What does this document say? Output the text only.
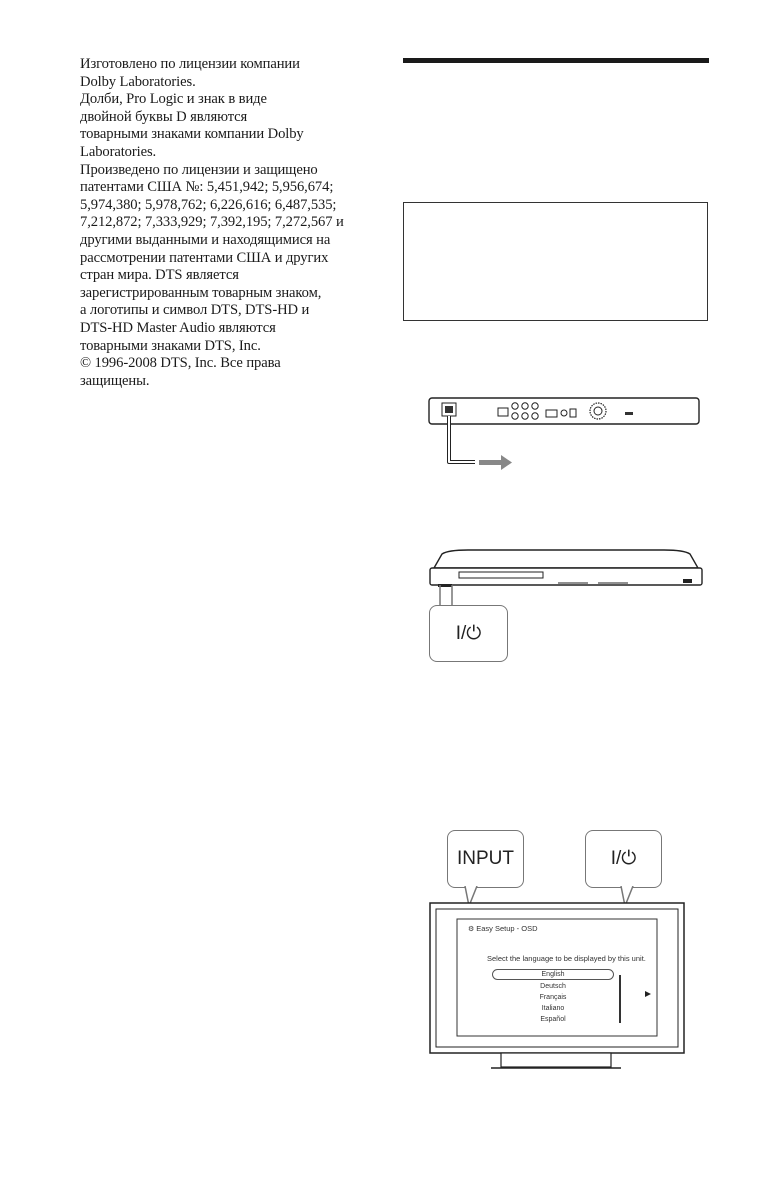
Изготовлено по лицензии компании
Dolby Laboratories.
Долби, Pro Logic и знак в виде
двойной буквы D являются
товарными знаками компании Dolby
Laboratories.
Произведено по лицензии и защищено
патентами США №: 5,451,942; 5,956,674;
5,974,380; 5,978,762; 6,226,616; 6,487,535;
7,212,872; 7,333,929; 7,392,195; 7,272,567 и
другими выданными и находящимися на
рассмотрении патентами США и других
стран мира. DTS является
зарегистрированным товарным знаком,
а логотипы и символ DTS, DTS-HD и
DTS-HD Master Audio являются
товарными знаками DTS, Inc.
© 1996-2008 DTS, Inc. Все права
защищены.
I/⏻
INPUT	I/⏻
⚙ Easy Setup - OSD
Select the language to be displayed by this unit.
English
Deutsch
Français
Italiano
Español
